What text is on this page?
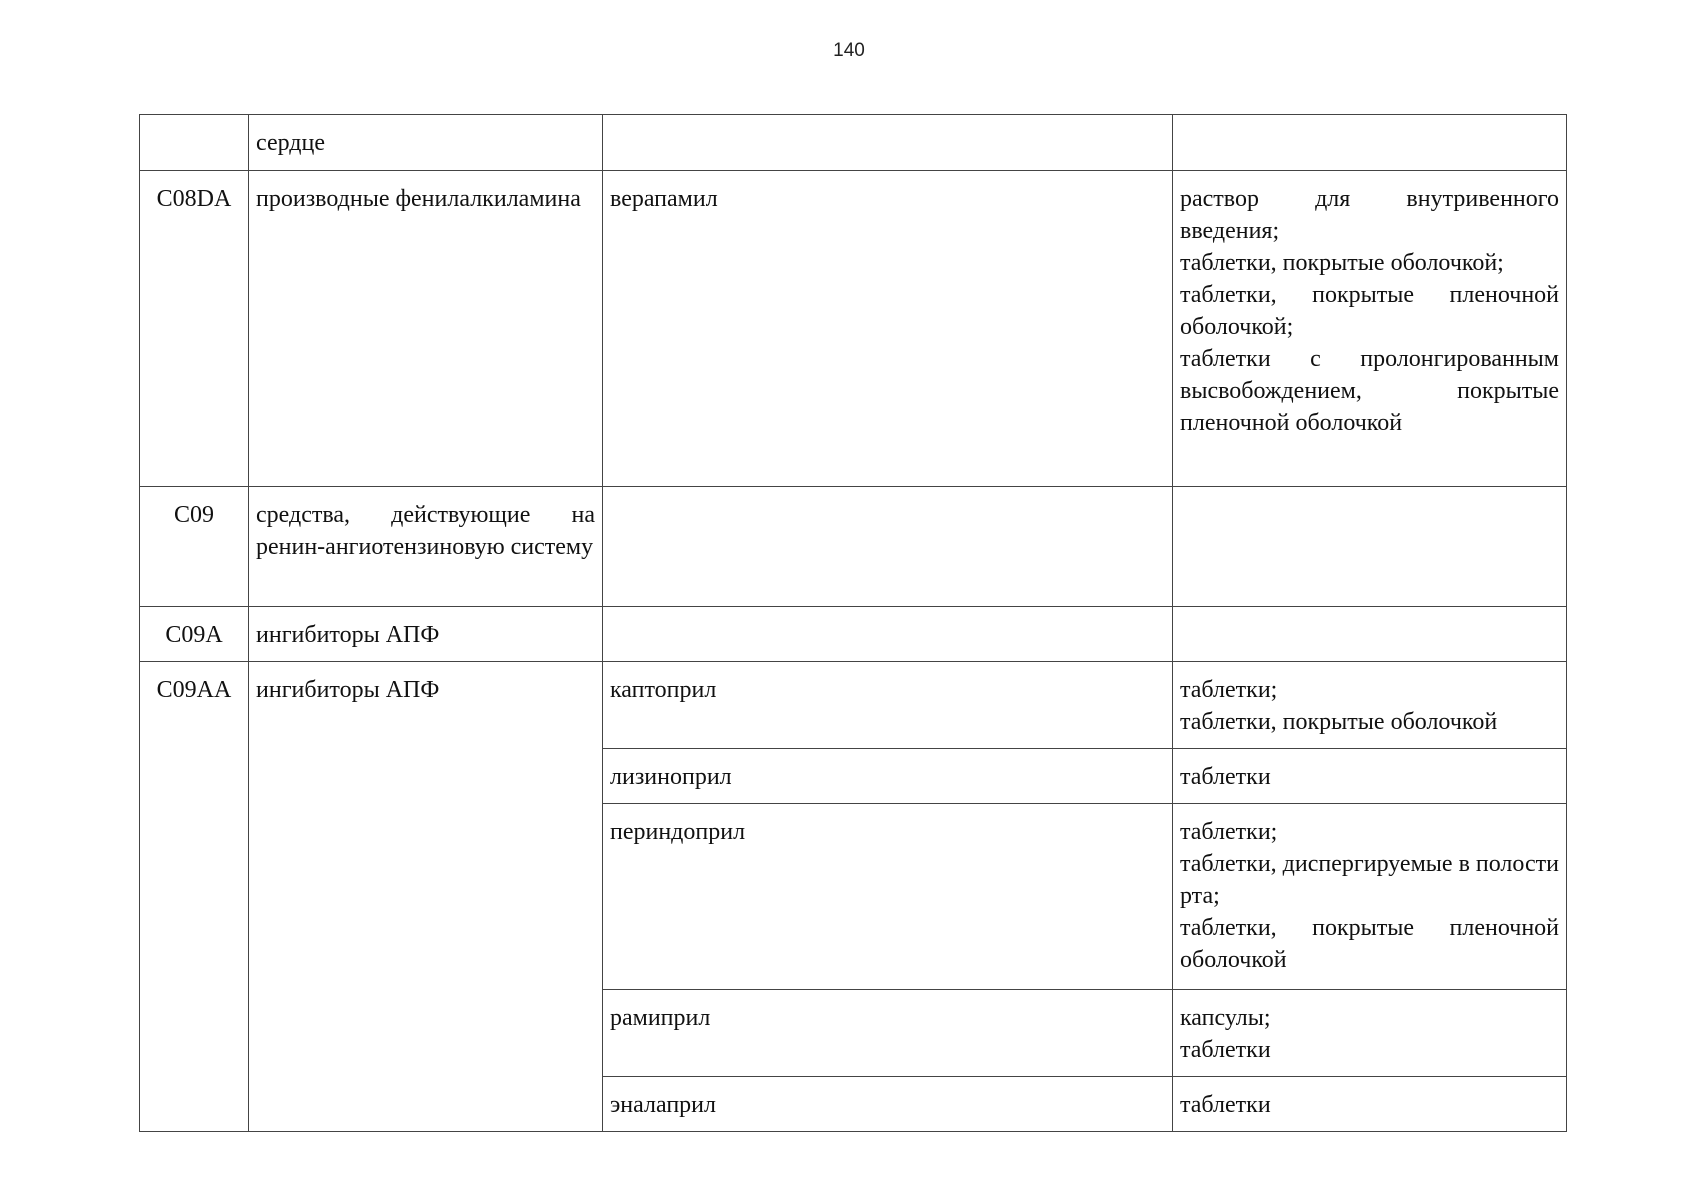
140
	сердце		
C08DA	производные фенилалкиламина	верапамил	раствор для внутривенного введения;
таблетки, покрытые оболочкой;
таблетки, покрытые пленочной оболочкой;
таблетки с пролонгированным высвобождением, покрытые пленочной оболочкой

C09	средства, действующие на ренин-ангиотензиновую систему		
C09A	ингибиторы АПФ		
C09AA	ингибиторы АПФ	каптоприл	таблетки;
таблетки, покрытые оболочкой

		лизиноприл	таблетки

		периндоприл	таблетки;
таблетки, диспергируемые в полости рта;
таблетки, покрытые пленочной оболочкой

		рамиприл	капсулы;
таблетки

		эналаприл	таблетки
